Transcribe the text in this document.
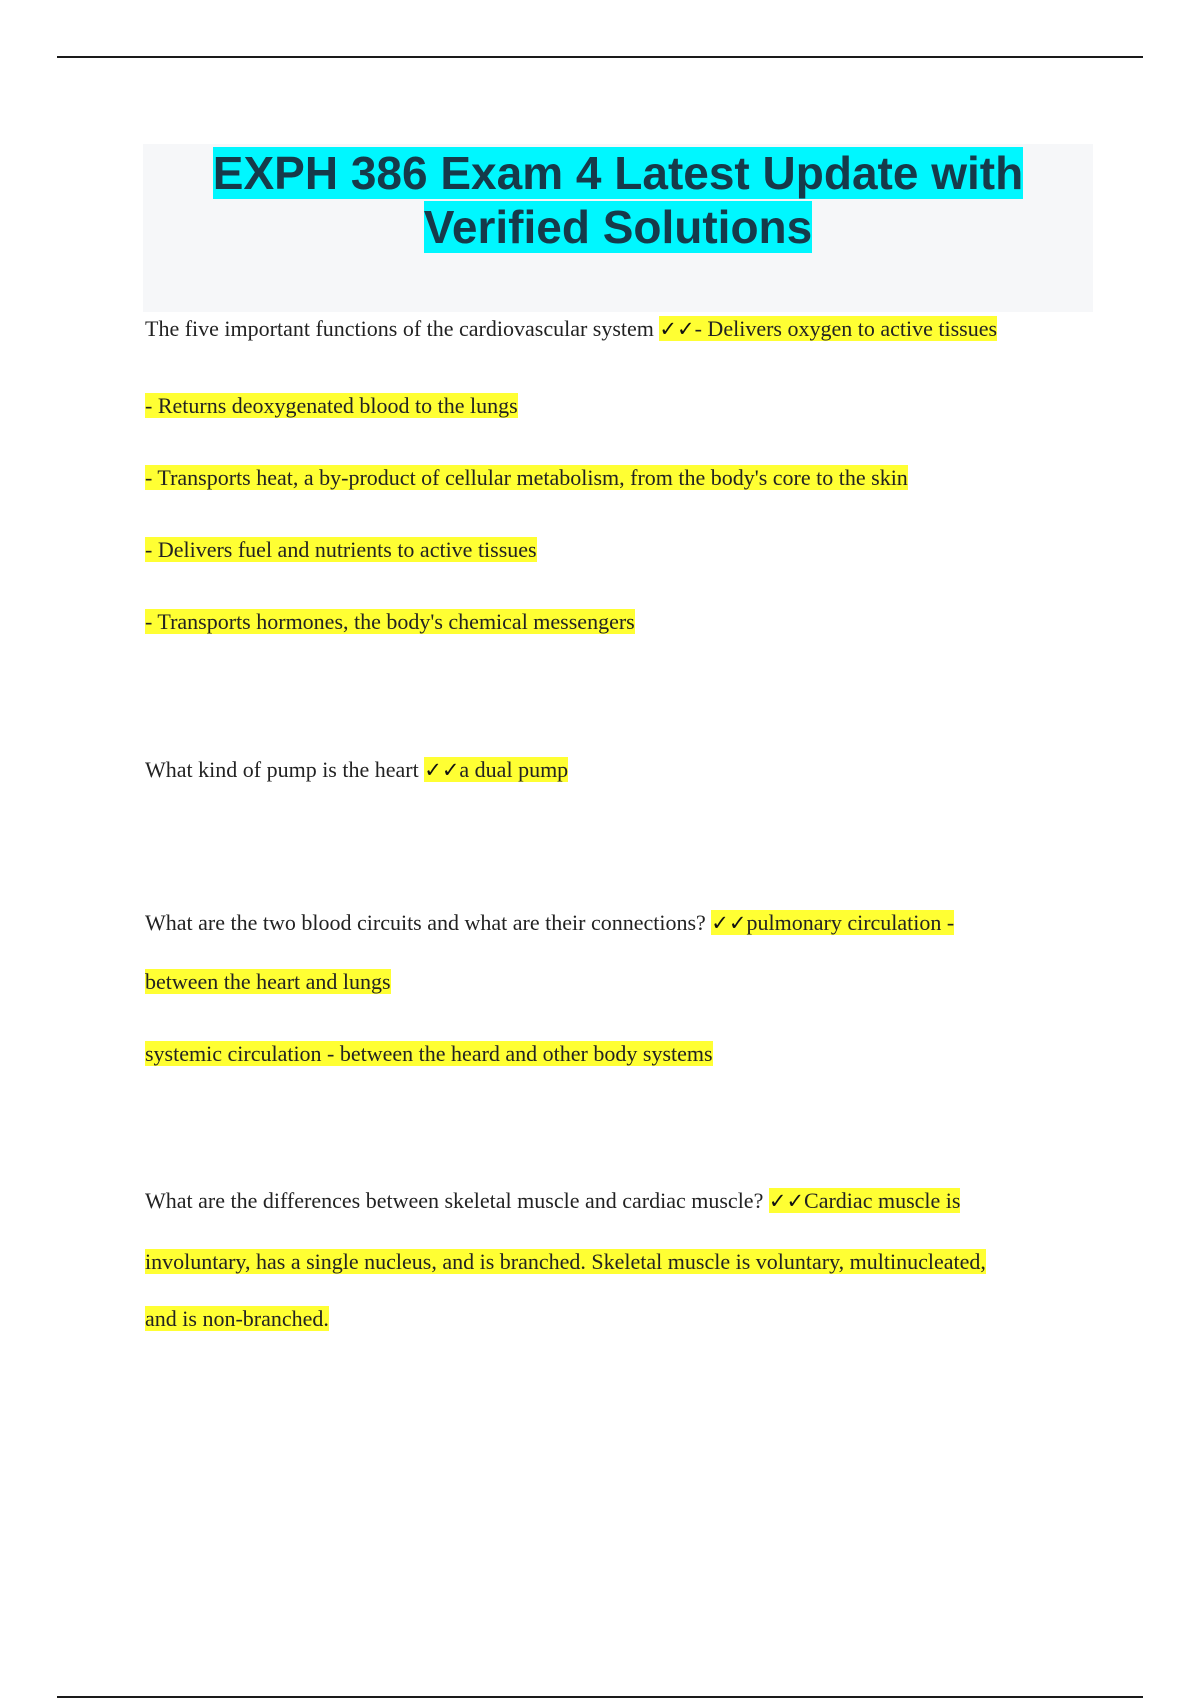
EXPH 386 Exam 4 Latest Update with
Verified Solutions
The five important functions of the cardiovascular system ✓✓- Delivers oxygen to active tissues
- Returns deoxygenated blood to the lungs
- Transports heat, a by-product of cellular metabolism, from the body's core to the skin
- Delivers fuel and nutrients to active tissues
- Transports hormones, the body's chemical messengers
What kind of pump is the heart ✓✓a dual pump
What are the two blood circuits and what are their connections? ✓✓pulmonary circulation -
between the heart and lungs
systemic circulation - between the heard and other body systems
What are the differences between skeletal muscle and cardiac muscle? ✓✓Cardiac muscle is
involuntary, has a single nucleus, and is branched. Skeletal muscle is voluntary, multinucleated,
and is non-branched.
